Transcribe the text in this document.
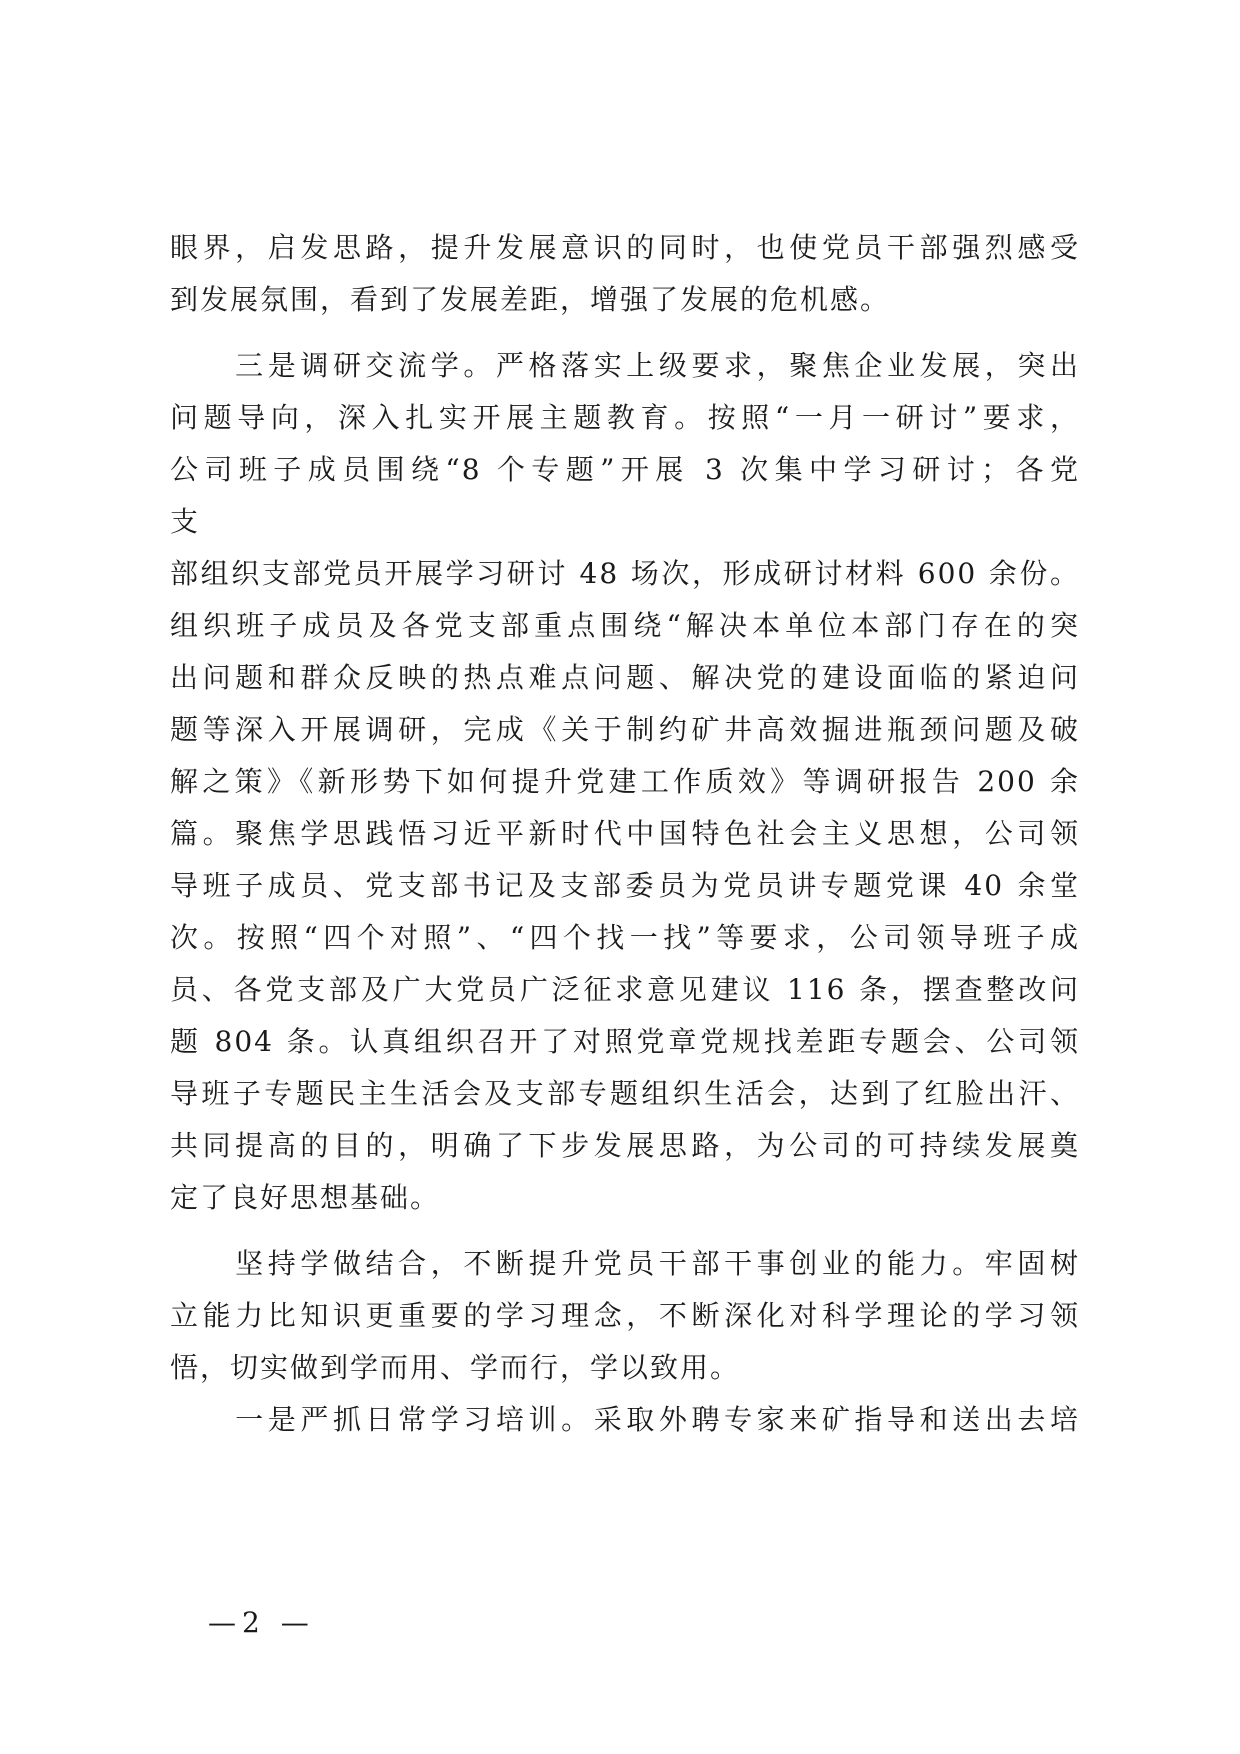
眼界，启发思路，提升发展意识的同时，也使党员干部强烈感受
到发展氛围，看到了发展差距，增强了发展的危机感。
　　三是调研交流学。严格落实上级要求，聚焦企业发展，突出
问题导向，深入扎实开展主题教育。按照“一月一研讨”要求，
公司班子成员围绕“8 个专题”开展 3 次集中学习研讨；各党
支
部组织支部党员开展学习研讨 48 场次，形成研讨材料 600 余份。
组织班子成员及各党支部重点围绕“解决本单位本部门存在的突
出问题和群众反映的热点难点问题、解决党的建设面临的紧迫问
题等深入开展调研，完成《关于制约矿井高效掘进瓶颈问题及破
解之策》《新形势下如何提升党建工作质效》等调研报告 200 余
篇。聚焦学思践悟习近平新时代中国特色社会主义思想，公司领
导班子成员、党支部书记及支部委员为党员讲专题党课 40 余堂
次。按照“四个对照”、“四个找一找”等要求，公司领导班子成
员、各党支部及广大党员广泛征求意见建议 116 条，摆查整改问
题 804 条。认真组织召开了对照党章党规找差距专题会、公司领
导班子专题民主生活会及支部专题组织生活会，达到了红脸出汗、
共同提高的目的，明确了下步发展思路，为公司的可持续发展奠
定了良好思想基础。
　　坚持学做结合，不断提升党员干部干事创业的能力。牢固树
立能力比知识更重要的学习理念，不断深化对科学理论的学习领
悟，切实做到学而用、学而行，学以致用。
　　一是严抓日常学习培训。采取外聘专家来矿指导和送出去培
—2 —
